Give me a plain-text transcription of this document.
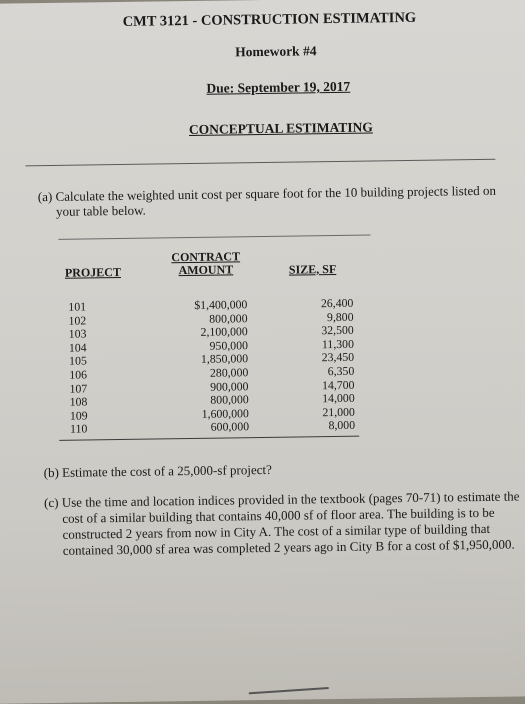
CMT 3121 - CONSTRUCTION ESTIMATING
Homework #4
Due: September 19, 2017
CONCEPTUAL ESTIMATING
(a) Calculate the weighted unit cost per square foot for the 10 building projects listed on your table below.
PROJECT
CONTRACT
AMOUNT	SIZE, SF
101
102
103
104
105
106
107
108
109
110
$1,400,000
800,000
2,100,000
950,000
1,850,000
280,000
900,000
800,000
1,600,000
600,000
26,400
9,800
32,500
11,300
23,450
6,350
14,700
14,000
21,000
8,000
(b) Estimate the cost of a 25,000-sf project?
(c) Use the time and location indices provided in the textbook (pages 70-71) to estimate the cost of a similar building that contains 40,000 sf of floor area. The building is to be constructed 2 years from now in City A. The cost of a similar type of building that contained 30,000 sf area was completed 2 years ago in City B for a cost of $1,950,000.
